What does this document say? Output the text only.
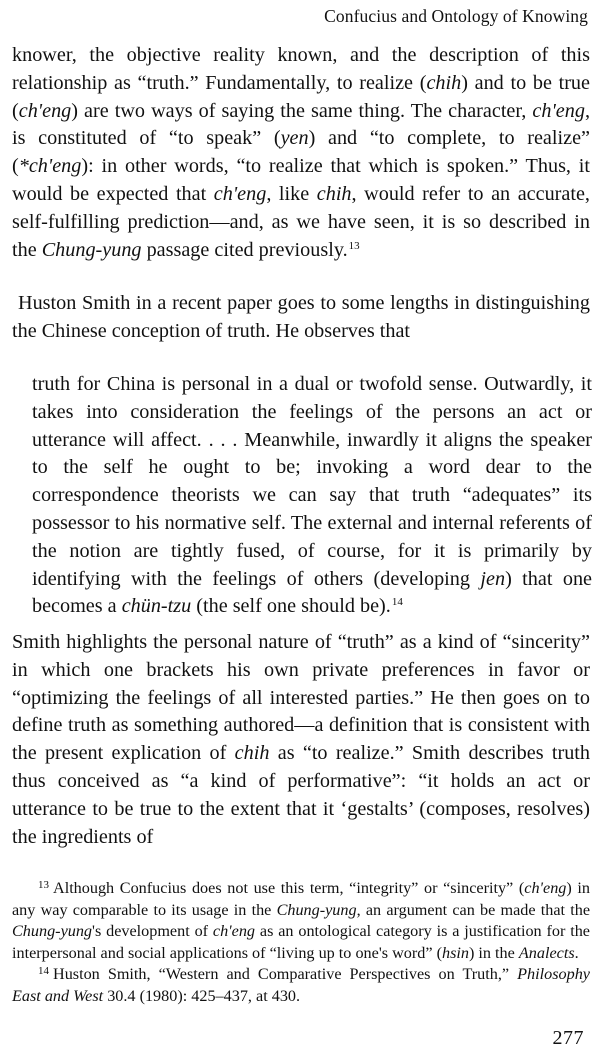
Confucius and Ontology of Knowing

knower, the objective reality known, and the description of this relationship as “truth.” Fundamentally, to realize (chih) and to be true (ch'eng) are two ways of saying the same thing. The character, ch'eng, is constituted of “to speak” (yen) and “to complete, to realize” (*ch'eng): in other words, “to realize that which is spoken.” Thus, it would be expected that ch'eng, like chih, would refer to an accurate, self-fulfilling prediction—and, as we have seen, it is so described in the Chung-yung passage cited previously.$^{13}$

Huston Smith in a recent paper goes to some lengths in distinguishing the Chinese conception of truth. He observes that

truth for China is personal in a dual or twofold sense. Outwardly, it takes into consideration the feelings of the persons an act or utterance will affect. . . . Meanwhile, inwardly it aligns the speaker to the self he ought to be; invoking a word dear to the correspondence theorists we can say that truth “adequates” its possessor to his normative self. The external and internal referents of the notion are tightly fused, of course, for it is primarily by identifying with the feelings of others (developing jen) that one becomes a chün-tzu (the self one should be).$^{14}$

Smith highlights the personal nature of “truth” as a kind of “sincerity” in which one brackets his own private preferences in favor or “optimizing the feelings of all interested parties.” He then goes on to define truth as something authored—a definition that is consistent with the present explication of chih as “to realize.” Smith describes truth thus conceived as “a kind of performative”: “it holds an act or utterance to be true to the extent that it ‘gestalts’ (composes, resolves) the ingredients of

$^{13}$ Although Confucius does not use this term, “integrity” or “sincerity” (ch'eng) in any way comparable to its usage in the Chung-yung, an argument can be made that the Chung-yung's development of ch'eng as an ontological category is a justification for the interpersonal and social applications of “living up to one's word” (hsin) in the Analects.

$^{14}$ Huston Smith, “Western and Comparative Perspectives on Truth,” Philosophy East and West 30.4 (1980): 425–437, at 430.

277
